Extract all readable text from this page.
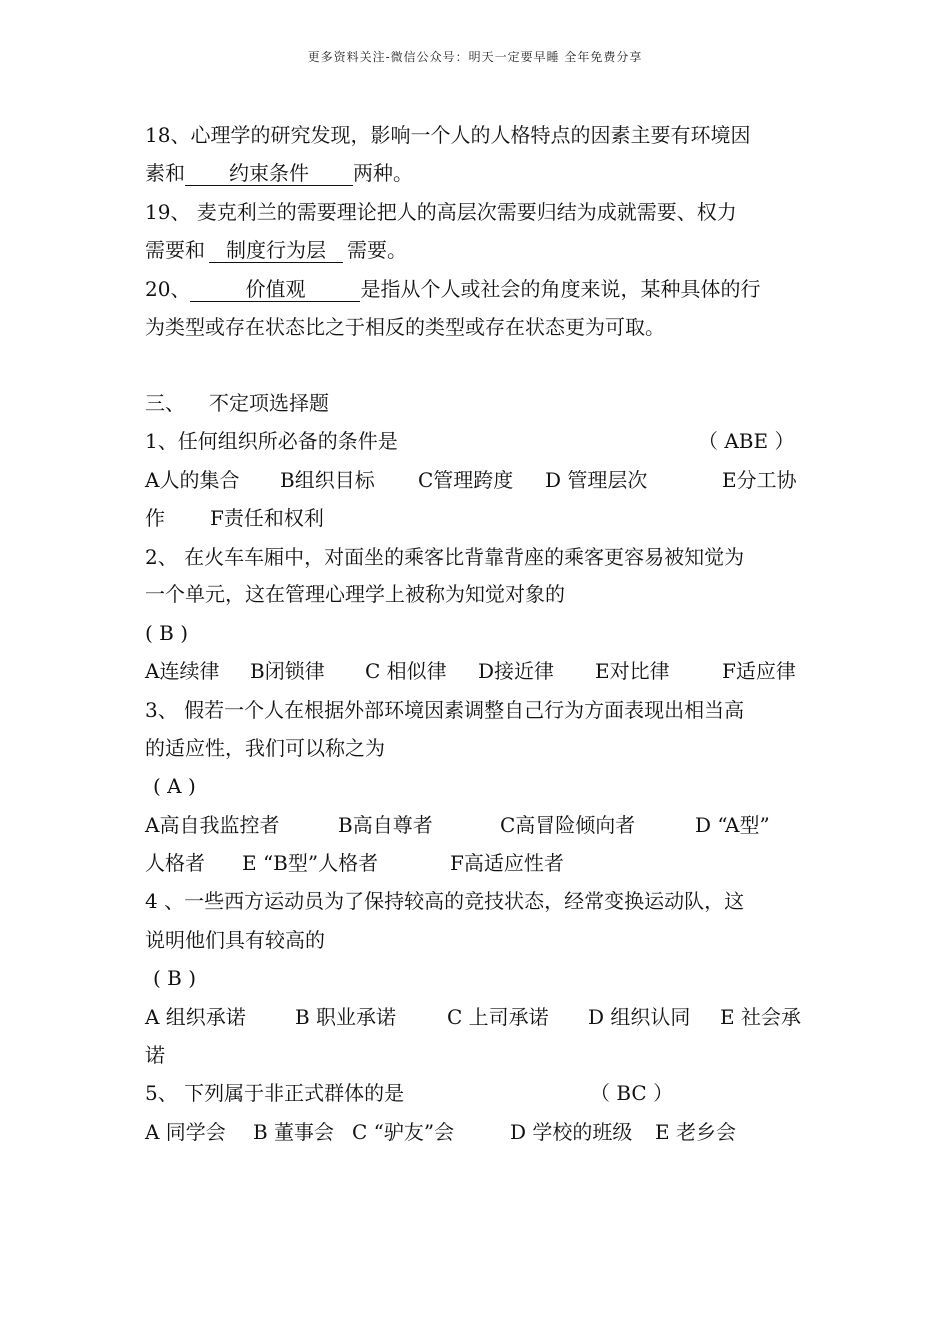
更多资料关注-微信公众号：明天一定要早睡 全年免费分享
18、心理学的研究发现，影响一个人的人格特点的因素主要有环境因
素和 约束条件 两种。
19、 麦克利兰的需要理论把人的高层次需要归结为成就需要、权力
需要和 制度行为层 需要。
20、	价值观	是指从个人或社会的角度来说，某种具体的行
为类型或存在状态比之于相反的类型或存在状态更为可取。
三、 不定项选择题
1、任何组织所必备的条件是	（ ABE ）
A人的集合 B组织目标 C管理跨度 D 管理层次	E分工协
作 F责任和权利
2、 在火车车厢中，对面坐的乘客比背靠背座的乘客更容易被知觉为
一个单元，这在管理心理学上被称为知觉对象的
( B )
A连续律 B闭锁律 C 相似律 D接近律 E对比律	F适应律
3、 假若一个人在根据外部环境因素调整自己行为方面表现出相当高
的适应性，我们可以称之为
( A )
A高自我监控者	B高自尊者	C高冒险倾向者	D “A型”
人格者 E “B型”人格者	F高适应性者
4 、一些西方运动员为了保持较高的竞技状态，经常变换运动队，这
说明他们具有较高的
( B )
A 组织承诺 B 职业承诺	C 上司承诺 D 组织认同 E 社会承
诺
5、 下列属于非正式群体的是	（ BC ）
A 同学会 B 董事会 C “驴友”会	D 学校的班级 E 老乡会
